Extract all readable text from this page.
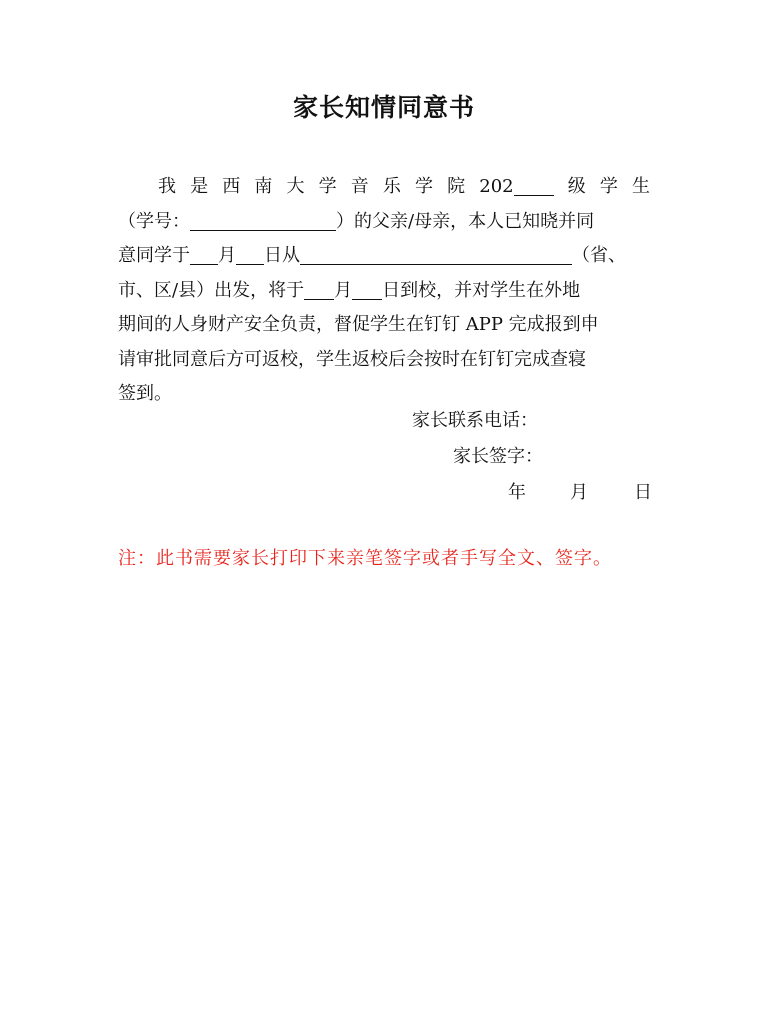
家长知情同意书
我 是 西 南 大 学 音 乐 学 院 202	级 学 生
（学号：	）的父亲/母亲，本人已知晓并同
意同学于 月 日从	（省、
市、区/县）出发，将于 月 日到校，并对学生在外地
期间的人身财产安全负责，督促学生在钉钉 APP 完成报到申
请审批同意后方可返校，学生返校后会按时在钉钉完成查寝
签到。
家长联系电话：
家长签字：
年 月	日
注：此书需要家长打印下来亲笔签字或者手写全文、签字。
